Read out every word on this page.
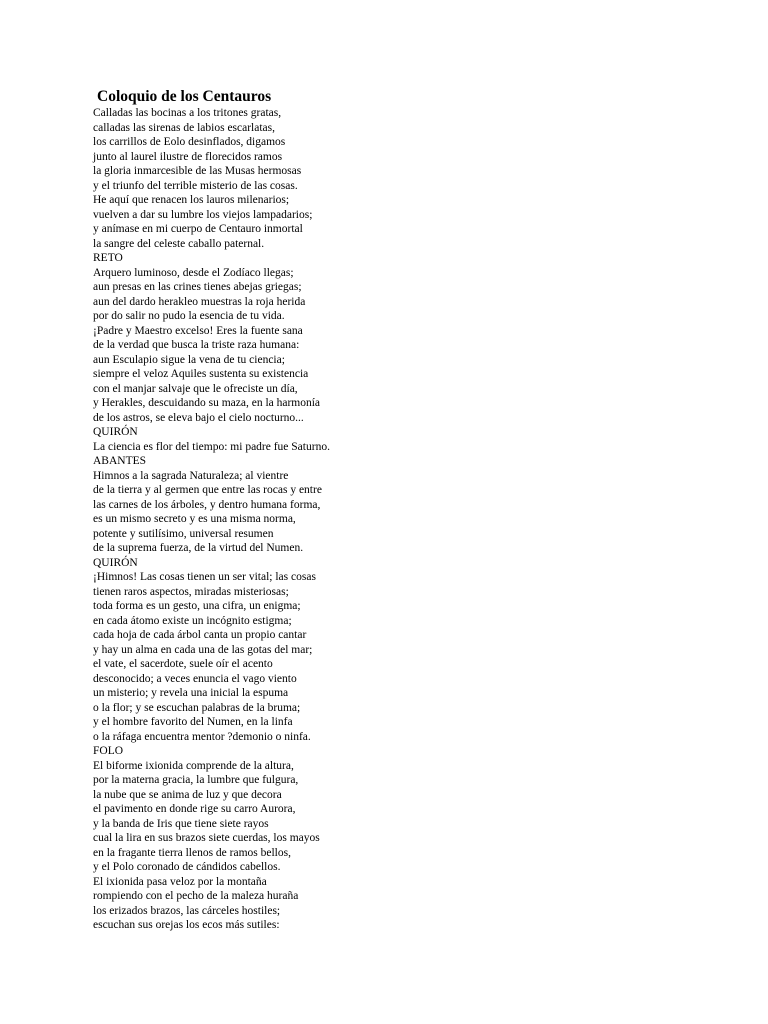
Coloquio de los Centauros
Calladas las bocinas a los tritones gratas,
calladas las sirenas de labios escarlatas,
los carrillos de Eolo desinflados, digamos
junto al laurel ilustre de florecidos ramos
la gloria inmarcesible de las Musas hermosas
y el triunfo del terrible misterio de las cosas.
He aquí que renacen los lauros milenarios;
vuelven a dar su lumbre los viejos lampadarios;
y anímase en mi cuerpo de Centauro inmortal
la sangre del celeste caballo paternal.
RETO
Arquero luminoso, desde el Zodíaco llegas;
aun presas en las crines tienes abejas griegas;
aun del dardo herakleo muestras la roja herida
por do salir no pudo la esencia de tu vida.
¡Padre y Maestro excelso! Eres la fuente sana
de la verdad que busca la triste raza humana:
aun Esculapio sigue la vena de tu ciencia;
siempre el veloz Aquiles sustenta su existencia
con el manjar salvaje que le ofreciste un día,
y Herakles, descuidando su maza, en la harmonía
de los astros, se eleva bajo el cielo nocturno...
QUIRÓN
La ciencia es flor del tiempo: mi padre fue Saturno.
ABANTES
Himnos a la sagrada Naturaleza; al vientre
de la tierra y al germen que entre las rocas y entre
las carnes de los árboles, y dentro humana forma,
es un mismo secreto y es una misma norma,
potente y sutilísimo, universal resumen
de la suprema fuerza, de la virtud del Numen.
QUIRÓN
¡Himnos! Las cosas tienen un ser vital; las cosas
tienen raros aspectos, miradas misteriosas;
toda forma es un gesto, una cifra, un enigma;
en cada átomo existe un incógnito estigma;
cada hoja de cada árbol canta un propio cantar
y hay un alma en cada una de las gotas del mar;
el vate, el sacerdote, suele oír el acento
desconocido; a veces enuncia el vago viento
un misterio; y revela una inicial la espuma
o la flor; y se escuchan palabras de la bruma;
y el hombre favorito del Numen, en la linfa
o la ráfaga encuentra mentor ?demonio o ninfa.
FOLO
El biforme ixionida comprende de la altura,
por la materna gracia, la lumbre que fulgura,
la nube que se anima de luz y que decora
el pavimento en donde rige su carro Aurora,
y la banda de Iris que tiene siete rayos
cual la lira en sus brazos siete cuerdas, los mayos
en la fragante tierra llenos de ramos bellos,
y el Polo coronado de cándidos cabellos.
El ixionida pasa veloz por la montaña
rompiendo con el pecho de la maleza huraña
los erizados brazos, las cárceles hostiles;
escuchan sus orejas los ecos más sutiles:
